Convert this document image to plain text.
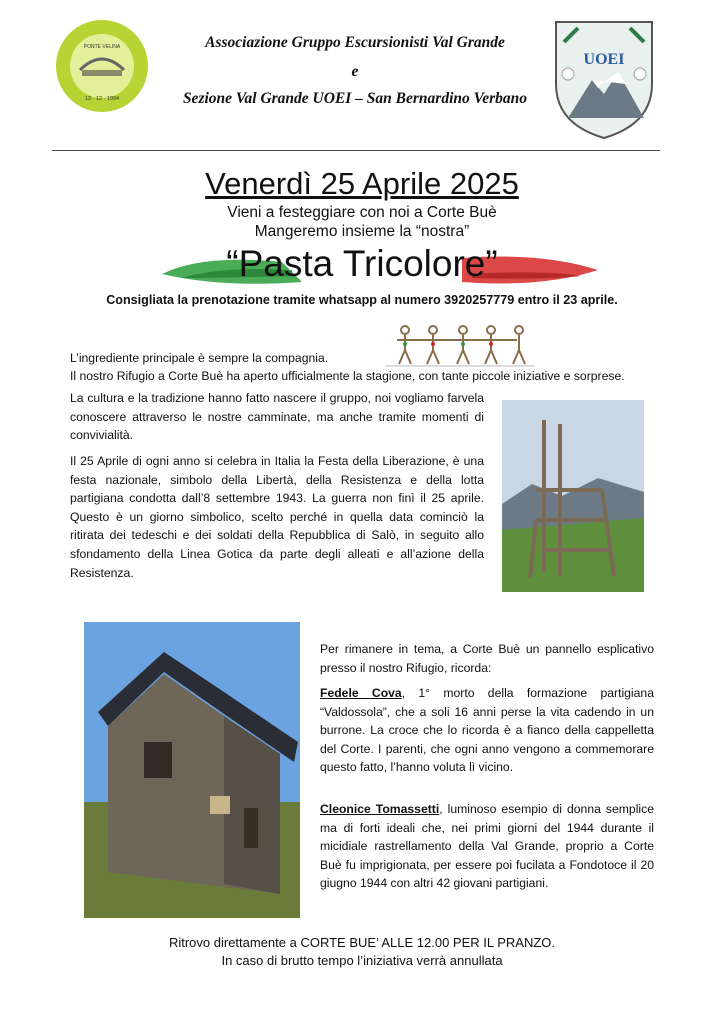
PONTE VELINA
13 · 12 · 1994
Associazione Gruppo Escursionisti Val Grande
e
Sezione Val Grande UOEI – San Bernardino Verbano
UOEI
Venerdì 25 Aprile 2025
Vieni a festeggiare con noi a Corte Buè
Mangeremo insieme la “nostra”
“Pasta Tricolore”
Consigliata la prenotazione tramite whatsapp al numero 3920257779 entro il 23 aprile.
L’ingrediente principale è sempre la compagnia.
Il nostro Rifugio a Corte Buè ha aperto ufficialmente la stagione, con tante piccole iniziative e sorprese.
La cultura e la tradizione hanno fatto nascere il gruppo, noi vogliamo farvela conoscere attraverso le nostre camminate, ma anche tramite momenti di convivialità.
Il 25 Aprile di ogni anno si celebra in Italia la Festa della Liberazione, è una festa nazionale, simbolo della Libertà, della Resistenza e della lotta partigiana condotta dall’8 settembre 1943. La guerra non finì il 25 aprile. Questo è un giorno simbolico, scelto perché in quella data cominciò la ritirata dei tedeschi e dei soldati della Repubblica di Salò, in seguito allo sfondamento della Linea Gotica da parte degli alleati e all’azione della Resistenza.
Per rimanere in tema, a Corte Buè un pannello esplicativo presso il nostro Rifugio, ricorda:
Fedele Cova, 1° morto della formazione partigiana “Valdossola”, che a soli 16 anni perse la vita cadendo in un burrone. La croce che lo ricorda è a fianco della cappelletta del Corte. I parenti, che ogni anno vengono a commemorare questo fatto, l’hanno voluta lì vicino.
Cleonice Tomassetti, luminoso esempio di donna semplice ma di forti ideali che, nei primi giorni del 1944 durante il micidiale rastrellamento della Val Grande, proprio a Corte Buè fu imprigionata, per essere poi fucilata a Fondotoce il 20 giugno 1944 con altri 42 giovani partigiani.
Ritrovo direttamente a CORTE BUE’ ALLE 12.00 PER IL PRANZO.
In caso di brutto tempo l’iniziativa verrà annullata
